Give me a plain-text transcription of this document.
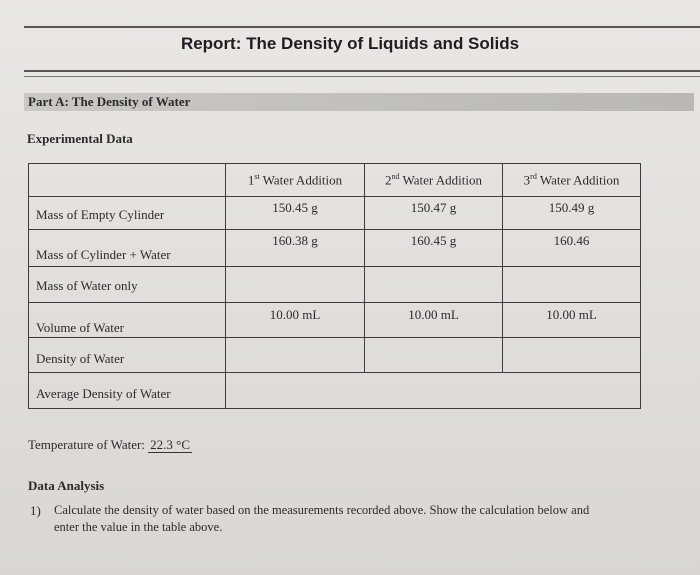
Report: The Density of Liquids and Solids
Part A: The Density of Water
Experimental Data
	1st Water Addition	2nd Water Addition	3rd Water Addition
Mass of Empty Cylinder	150.45 g	150.47 g	150.49 g
Mass of Cylinder + Water	160.38 g	160.45 g	160.46
Mass of Water only			
Volume of Water	10.00 mL	10.00 mL	10.00 mL
Density of Water			
Average Density of Water			
Temperature of Water: 22.3 °C
Data Analysis
1) Calculate the density of water based on the measurements recorded above. Show the calculation below and
enter the value in the table above.
